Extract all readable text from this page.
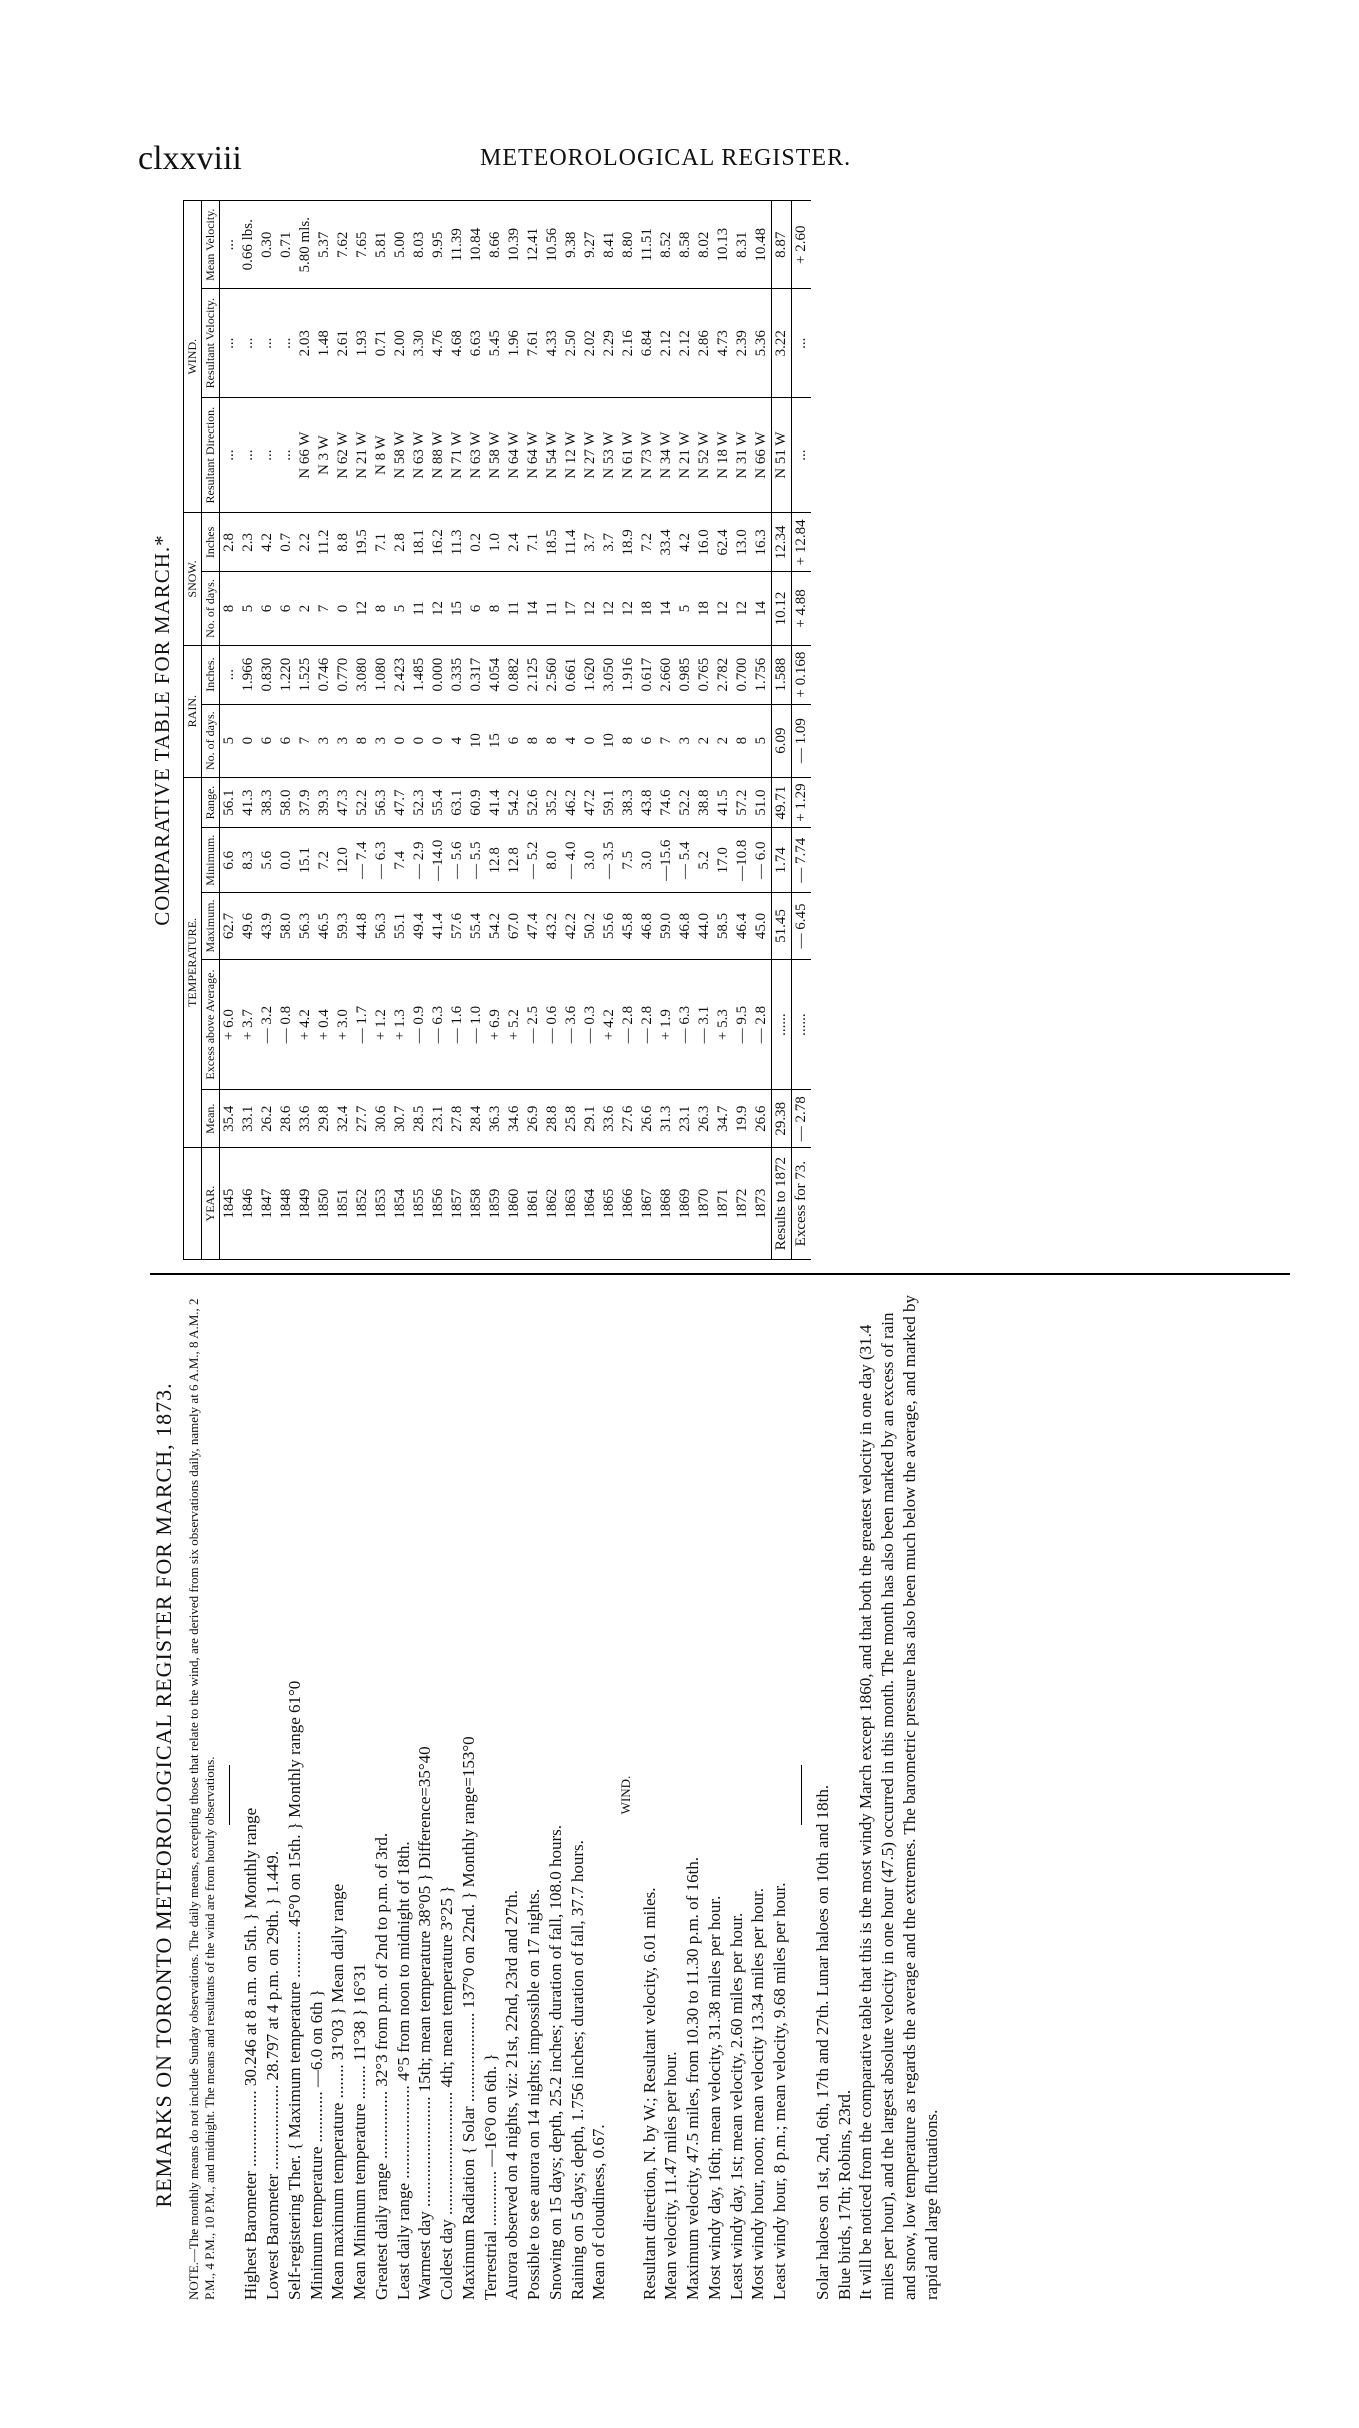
clxxviii	METEOROLOGICAL REGISTER.
REMARKS ON TORONTO METEOROLOGICAL REGISTER FOR MARCH, 1873. NOTE.—The monthly means do not include Sunday observations. The daily means, excepting those that relate to the wind, are derived from six observations daily, namely at 6 A.M., 8 A.M., 2 P.M., 4 P.M., 10 P.M., and midnight. The means and resultants of the wind are from hourly observations. Highest Barometer .................. 30.246 at 8 a.m. on 5th. } Monthly range Lowest Barometer .................... 28.797 at 4 p.m. on 29th. } 1.449. Self-registering Ther. { Maximum temperature ........... 45°0 on 15th. } Monthly range 61°0 Minimum temperature ............ —6.0 on 6th } Mean maximum temperature ........ 31°03 } Mean daily range Mean Minimum temperature ........ 11°38 } 16°31 Greatest daily range ................ 32°3 from p.m. of 2nd to p.m. of 3rd. Least daily range ...................... 4°5 from noon to midnight of 18th. Warmest day .......................... 15th; mean temperature 38°05 } Difference=35°40 Coldest day ............................. 4th; mean temperature 3°25 } Maximum Radiation { Solar ..................... 137°0 on 22nd. } Monthly range=153°0 Terrestrial ............. —16°0 on 6th. } Aurora observed on 4 nights, viz: 21st, 22nd, 23rd and 27th. Possible to see aurora on 14 nights; impossible on 17 nights. Snowing on 15 days; depth, 25.2 inches; duration of fall, 108.0 hours. Raining on 5 days; depth, 1.756 inches; duration of fall, 37.7 hours. Mean of cloudiness, 0.67.

WIND.

Resultant direction, N. by W.; Resultant velocity, 6.01 miles. Mean velocity, 11.47 miles per hour. Maximum velocity, 47.5 miles, from 10.30 to 11.30 p.m. of 16th. Most windy day, 16th; mean velocity, 31.38 miles per hour. Least windy day, 1st; mean velocity, 2.60 miles per hour. Most windy hour, noon; mean velocity 13.34 miles per hour. Least windy hour, 8 p.m.; mean velocity, 9.68 miles per hour. Solar haloes on 1st, 2nd, 6th, 17th and 27th. Lunar haloes on 10th and 18th. Blue birds, 17th; Robins, 23rd. It will be noticed from the comparative table that this is the most windy March except 1860, and that both the greatest velocity in one day (31.4 miles per hour), and the largest absolute velocity in one hour (47.5) occurred in this month. The month has also been marked by an excess of rain and snow, low temperature as regards the average and the extremes. The barometric pressure has also been much below the average, and marked by rapid and large fluctuations.

COMPARATIVE TABLE FOR MARCH.*
	TEMPERATURE.					RAIN.		SNOW.		WIND.		
YEAR.	Mean.	Excess above Average.	Maximum.	Minimum.	Range.	No. of days.	Inches.	No. of days.	Inches	Resultant Direction.	Resultant Velocity.	Mean Velocity.
1845	35.4	+ 6.0	62.7	6.6	56.1	5	...	8	2.8	...	...	...
1846	33.1	+ 3.7	49.6	8.3	41.3	0	1.966	5	2.3	...	...	0.66 lbs.
1847	26.2	— 3.2	43.9	5.6	38.3	6	0.830	6	4.2	...	...	0.30
1848	28.6	— 0.8	58.0	0.0	58.0	6	1.220	6	0.7	...	...	0.71
1849	33.6	+ 4.2	56.3	15.1	37.9	7	1.525	2	2.2	N 66 W	2.03	5.80 mls.
1850	29.8	+ 0.4	46.5	7.2	39.3	3	0.746	7	11.2	N 3 W	1.48	5.37
1851	32.4	+ 3.0	59.3	12.0	47.3	3	0.770	0	8.8	N 62 W	2.61	7.62
1852	27.7	— 1.7	44.8	— 7.4	52.2	8	3.080	12	19.5	N 21 W	1.93	7.65
1853	30.6	+ 1.2	56.3	— 6.3	56.3	3	1.080	8	7.1	N 8 W	0.71	5.81
1854	30.7	+ 1.3	55.1	7.4	47.7	0	2.423	5	2.8	N 58 W	2.00	5.00
1855	28.5	— 0.9	49.4	— 2.9	52.3	0	1.485	11	18.1	N 63 W	3.30	8.03
1856	23.1	— 6.3	41.4	—14.0	55.4	0	0.000	12	16.2	N 88 W	4.76	9.95
1857	27.8	— 1.6	57.6	— 5.6	63.1	4	0.335	15	11.3	N 71 W	4.68	11.39
1858	28.4	— 1.0	55.4	— 5.5	60.9	10	0.317	6	0.2	N 63 W	6.63	10.84
1859	36.3	+ 6.9	54.2	12.8	41.4	15	4.054	8	1.0	N 58 W	5.45	8.66
1860	34.6	+ 5.2	67.0	12.8	54.2	6	0.882	11	2.4	N 64 W	1.96	10.39
1861	26.9	— 2.5	47.4	— 5.2	52.6	8	2.125	14	7.1	N 64 W	7.61	12.41
1862	28.8	— 0.6	43.2	8.0	35.2	8	2.560	11	18.5	N 54 W	4.33	10.56
1863	25.8	— 3.6	42.2	— 4.0	46.2	4	0.661	17	11.4	N 12 W	2.50	9.38
1864	29.1	— 0.3	50.2	3.0	47.2	0	1.620	12	3.7	N 27 W	2.02	9.27
1865	33.6	+ 4.2	55.6	— 3.5	59.1	10	3.050	12	3.7	N 53 W	2.29	8.41
1866	27.6	— 2.8	45.8	7.5	38.3	8	1.916	12	18.9	N 61 W	2.16	8.80
1867	26.6	— 2.8	46.8	3.0	43.8	6	0.617	18	7.2	N 73 W	6.84	11.51
1868	31.3	+ 1.9	59.0	—15.6	74.6	7	2.660	14	33.4	N 34 W	2.12	8.52
1869	23.1	— 6.3	46.8	— 5.4	52.2	3	0.985	5	4.2	N 21 W	2.12	8.58
1870	26.3	— 3.1	44.0	5.2	38.8	2	0.765	18	16.0	N 52 W	2.86	8.02
1871	34.7	+ 5.3	58.5	17.0	41.5	2	2.782	12	62.4	N 18 W	4.73	10.13
1872	19.9	— 9.5	46.4	—10.8	57.2	8	0.700	12	13.0	N 31 W	2.39	8.31
1873	26.6	— 2.8	45.0	— 6.0	51.0	5	1.756	14	16.3	N 66 W	5.36	10.48
Results to 1872	29.38	......	51.45	1.74	49.71	6.09	1.588	10.12	12.34	N 51 W	3.22	8.87
Excess for 73.	— 2.78	......	— 6.45	— 7.74	+ 1.29	— 1.09	+ 0.168	+ 4.88	+ 12.84	...	...	+ 2.60
